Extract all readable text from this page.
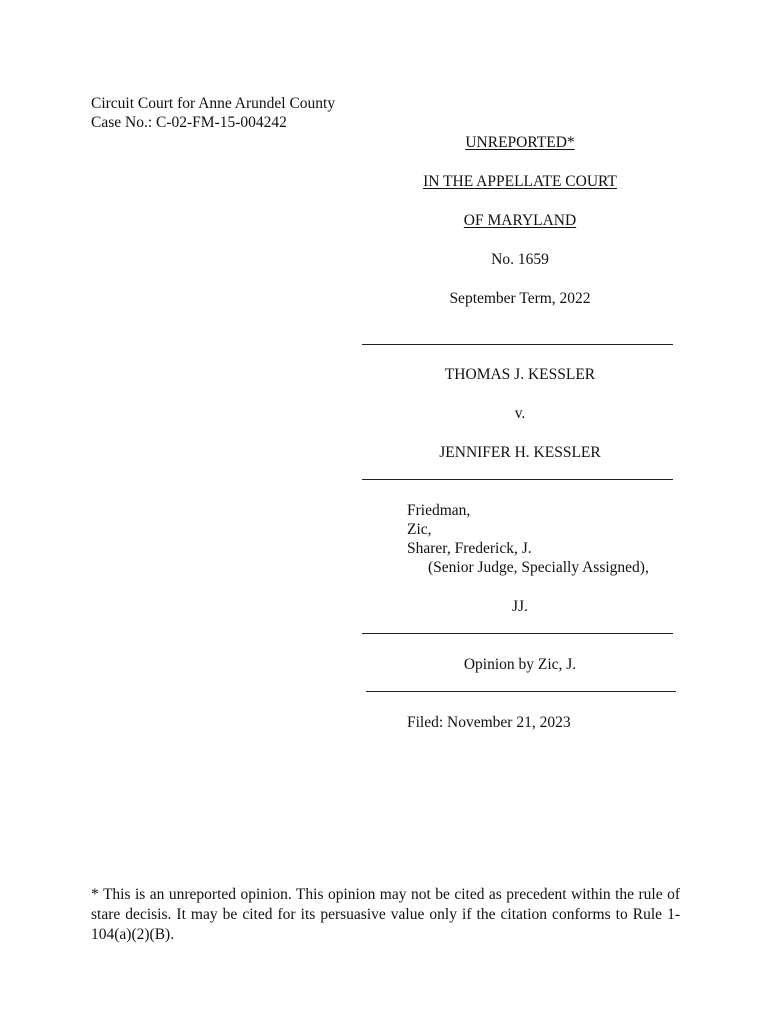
Circuit Court for Anne Arundel County
Case No.: C-02-FM-15-004242
UNREPORTED*
IN THE APPELLATE COURT
OF MARYLAND
No. 1659
September Term, 2022
THOMAS J. KESSLER
v.
JENNIFER H. KESSLER
Friedman,
Zic,
Sharer, Frederick, J.
(Senior Judge, Specially Assigned),
JJ.
Opinion by Zic, J.
Filed: November 21, 2023
* This is an unreported opinion. This opinion may not be cited as precedent within the rule of stare decisis. It may be cited for its persuasive value only if the citation conforms to Rule 1-104(a)(2)(B).
